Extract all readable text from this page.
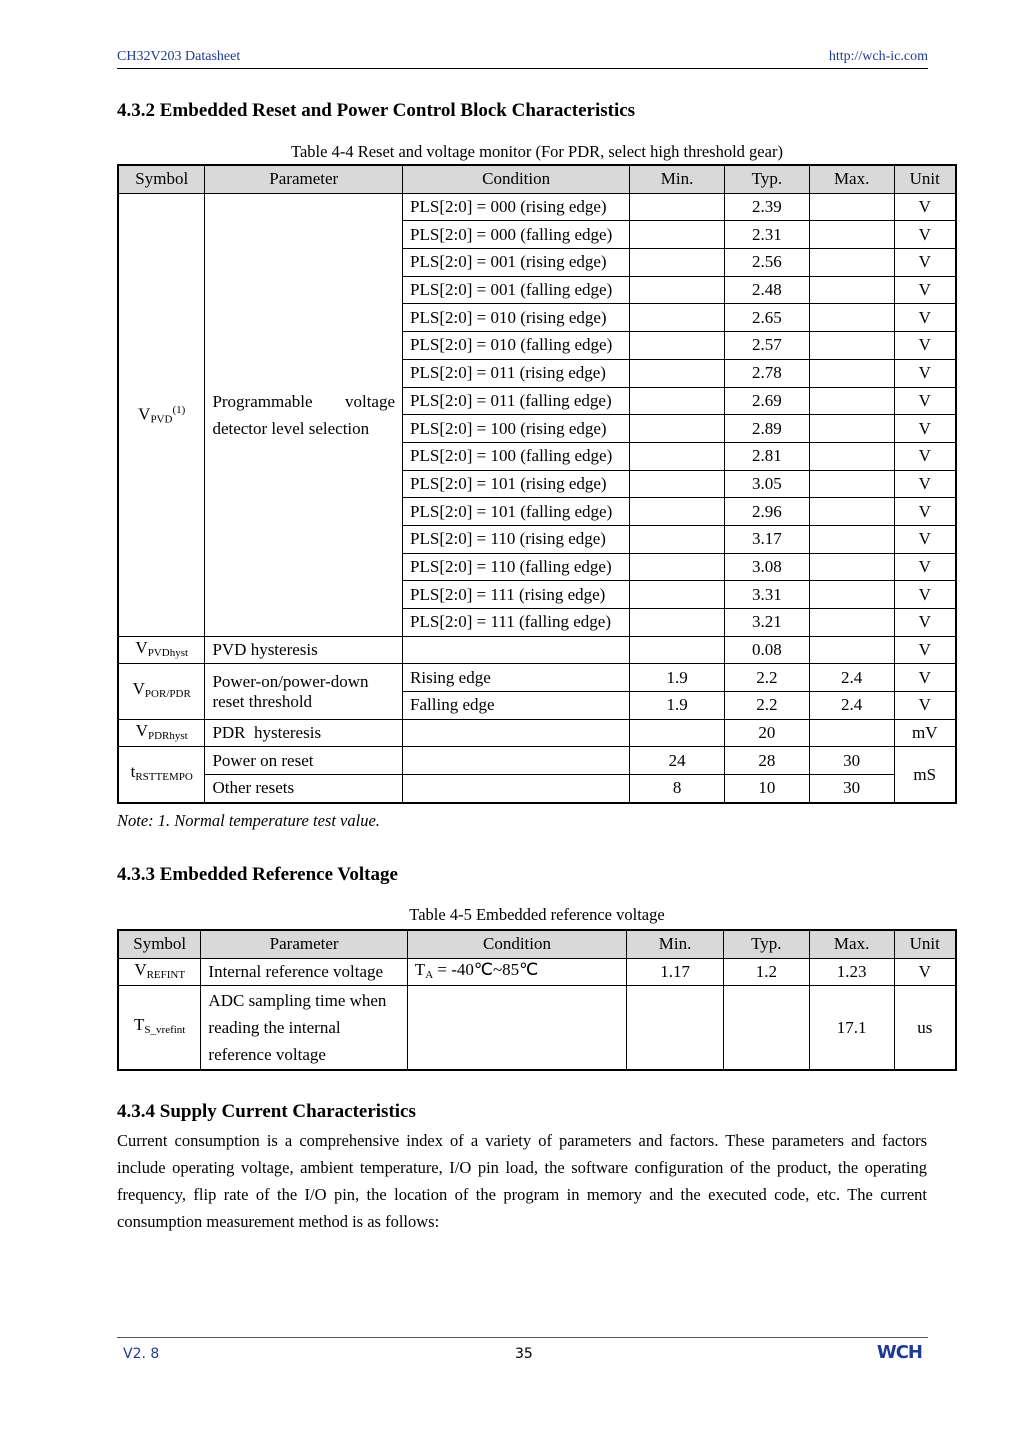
CH32V203 Datasheet	http://wch-ic.com
4.3.2 Embedded Reset and Power Control Block Characteristics
Table 4-4 Reset and voltage monitor (For PDR, select high threshold gear)
Symbol	Parameter	Condition	Min.	Typ.	Max.	Unit
$V_{PVD}^{(1)}$	Programmable voltage detector level selection	PLS[2:0] = 000 (rising edge)		2.39		V
		PLS[2:0] = 000 (falling edge)		2.31		V
		PLS[2:0] = 001 (rising edge)		2.56		V
		PLS[2:0] = 001 (falling edge)		2.48		V
		PLS[2:0] = 010 (rising edge)		2.65		V
		PLS[2:0] = 010 (falling edge)		2.57		V
		PLS[2:0] = 011 (rising edge)		2.78		V
		PLS[2:0] = 011 (falling edge)		2.69		V
		PLS[2:0] = 100 (rising edge)		2.89		V
		PLS[2:0] = 100 (falling edge)		2.81		V
		PLS[2:0] = 101 (rising edge)		3.05		V
		PLS[2:0] = 101 (falling edge)		2.96		V
		PLS[2:0] = 110 (rising edge)		3.17		V
		PLS[2:0] = 110 (falling edge)		3.08		V
		PLS[2:0] = 111 (rising edge)		3.31		V
		PLS[2:0] = 111 (falling edge)		3.21		V
$V_{PVDhyst}$	PVD hysteresis			0.08		V
$V_{POR/PDR}$	Power-on/power-down reset threshold	Rising edge	1.9	2.2	2.4	V
		Falling edge	1.9	2.2	2.4	V
$V_{PDRhyst}$	PDR  hysteresis			20		mV
$t_{RSTTEMPO}$	Power on reset		24	28	30	mS
	Other resets		8	10	30	
Note: 1. Normal temperature test value.
4.3.3 Embedded Reference Voltage
Table 4-5 Embedded reference voltage
Symbol	Parameter	Condition	Min.	Typ.	Max.	Unit
$V_{REFINT}$	Internal reference voltage	$T_A$ = -40℃~85℃	1.17	1.2	1.23	V
$T_{S\_vrefint}$	ADC sampling time when reading the internal reference voltage				17.1	us
4.3.4 Supply Current Characteristics
Current consumption is a comprehensive index of a variety of parameters and factors. These parameters and factors include operating voltage, ambient temperature, I/O pin load, the software configuration of the product, the operating frequency, flip rate of the I/O pin, the location of the program in memory and the executed code, etc. The current consumption measurement method is as follows:
V2. 8	35	WCH
